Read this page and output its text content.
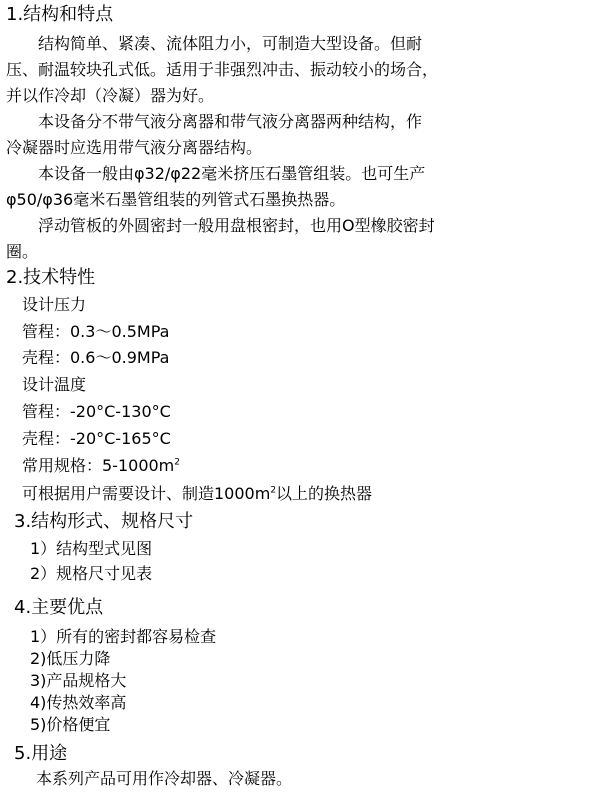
1.结构和特点
结构简单、紧凑、流体阻力小，可制造大型设备。但耐
压、耐温较块孔式低。适用于非强烈冲击、振动较小的场合，
并以作冷却（冷凝）器为好。
本设备分不带气液分离器和带气液分离器两种结构，作
冷凝器时应选用带气液分离器结构。
本设备一般由φ32/φ22毫米挤压石墨管组装。也可生产
φ50/φ36毫米石墨管组装的列管式石墨换热器。
浮动管板的外圆密封一般用盘根密封，也用O型橡胶密封
圈。
2.技术特性
设计压力
管程：0.3～0.5MPa
壳程：0.6～0.9MPa
设计温度
管程：-20°C-130°C
壳程：-20°C-165°C
常用规格：$5-1000m^2$
可根据用户需要设计、制造$1000m^2$以上的换热器
3.结构形式、规格尺寸
1）结构型式见图
2）规格尺寸见表
4.主要优点
1）所有的密封都容易检查
2)低压力降
3)产品规格大
4)传热效率高
5)价格便宜
5.用途
本系列产品可用作冷却器、冷凝器。
